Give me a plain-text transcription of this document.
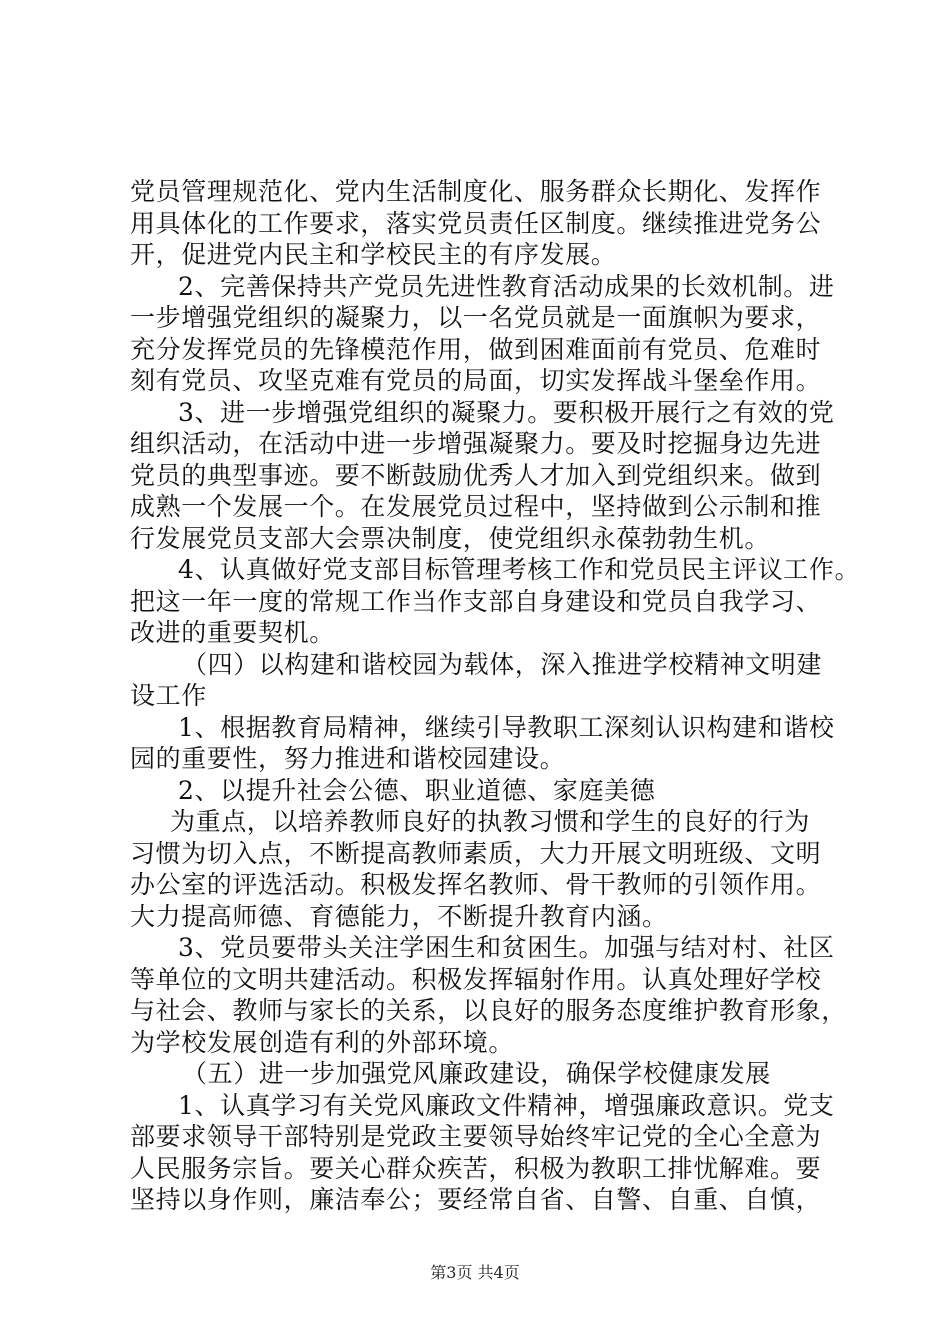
党员管理规范化、党内生活制度化、服务群众长期化、发挥作
用具体化的工作要求，落实党员责任区制度。继续推进党务公
开，促进党内民主和学校民主的有序发展。
2、完善保持共产党员先进性教育活动成果的长效机制。进
一步增强党组织的凝聚力，以一名党员就是一面旗帜为要求，
充分发挥党员的先锋模范作用，做到困难面前有党员、危难时
刻有党员、攻坚克难有党员的局面，切实发挥战斗堡垒作用。
3、进一步增强党组织的凝聚力。要积极开展行之有效的党
组织活动，在活动中进一步增强凝聚力。要及时挖掘身边先进
党员的典型事迹。要不断鼓励优秀人才加入到党组织来。做到
成熟一个发展一个。在发展党员过程中，坚持做到公示制和推
行发展党员支部大会票决制度，使党组织永葆勃勃生机。
4、认真做好党支部目标管理考核工作和党员民主评议工作。
把这一年一度的常规工作当作支部自身建设和党员自我学习、
改进的重要契机。
（四）以构建和谐校园为载体，深入推进学校精神文明建
设工作
1、根据教育局精神，继续引导教职工深刻认识构建和谐校
园的重要性，努力推进和谐校园建设。
2、以提升社会公德、职业道德、家庭美德
为重点，以培养教师良好的执教习惯和学生的良好的行为
习惯为切入点，不断提高教师素质，大力开展文明班级、文明
办公室的评选活动。积极发挥名教师、骨干教师的引领作用。
大力提高师德、育德能力，不断提升教育内涵。
3、党员要带头关注学困生和贫困生。加强与结对村、社区
等单位的文明共建活动。积极发挥辐射作用。认真处理好学校
与社会、教师与家长的关系，以良好的服务态度维护教育形象，
为学校发展创造有利的外部环境。
（五）进一步加强党风廉政建设，确保学校健康发展
1、认真学习有关党风廉政文件精神，增强廉政意识。党支
部要求领导干部特别是党政主要领导始终牢记党的全心全意为
人民服务宗旨。要关心群众疾苦，积极为教职工排忧解难。要
坚持以身作则，廉洁奉公；要经常自省、自警、自重、自慎，
第3页 共4页
